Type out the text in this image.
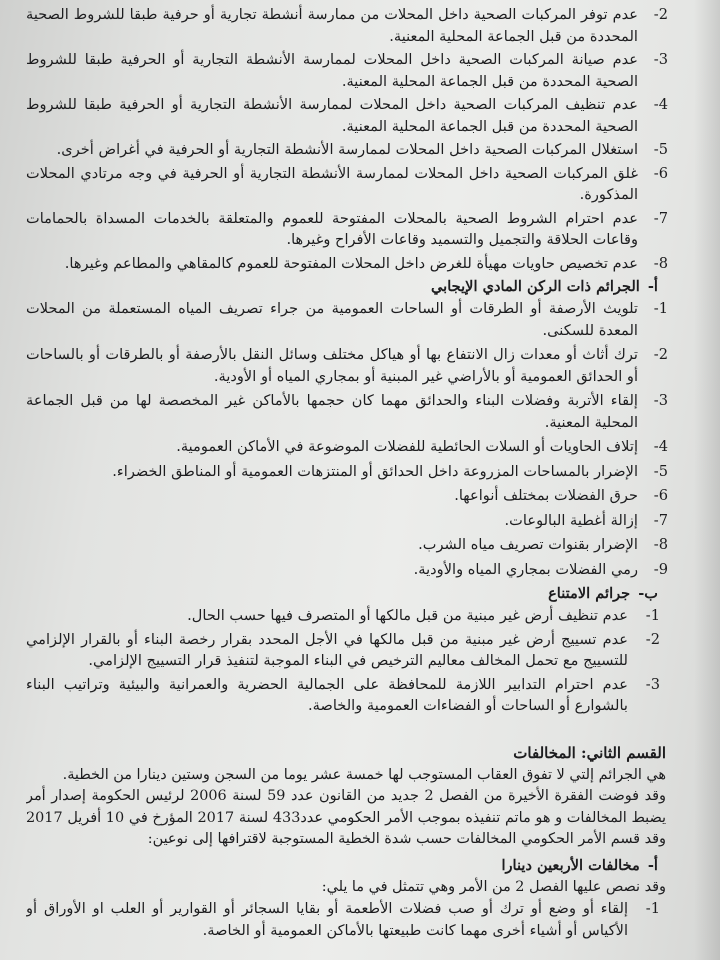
2-
عدم توفر المركبات الصحية داخل المحلات من ممارسة أنشطة تجارية أو حرفية طبقا للشروط الصحية المحددة من قبل الجماعة المحلية المعنية.
3-
عدم صيانة المركبات الصحية داخل المحلات لممارسة الأنشطة التجارية أو الحرفية طبقا للشروط الصحية المحددة من قبل الجماعة المحلية المعنية.
4-
عدم تنظيف المركبات الصحية داخل المحلات لممارسة الأنشطة التجارية أو الحرفية طبقا للشروط الصحية المحددة من قبل الجماعة المحلية المعنية.
5-
استغلال المركبات الصحية داخل المحلات لممارسة الأنشطة التجارية أو الحرفية في أغراض أخرى.
6-
غلق المركبات الصحية داخل المحلات لممارسة الأنشطة التجارية أو الحرفية في وجه مرتادي المحلات المذكورة.
7-
عدم احترام الشروط الصحية بالمحلات المفتوحة للعموم والمتعلقة بالخدمات المسداة بالحمامات وقاعات الحلاقة والتجميل والتسميد وقاعات الأفراح وغيرها.
8-
عدم تخصيص حاويات مهيأة للغرض داخل المحلات المفتوحة للعموم كالمقاهي والمطاعم وغيرها.
أ-الجرائم ذات الركن المادي الإيجابي
1-
تلويث الأرصفة أو الطرقات أو الساحات العمومية من جراء تصريف المياه المستعملة من المحلات المعدة للسكنى.
2-
ترك أثاث أو معدات زال الانتفاع بها أو هياكل مختلف وسائل النقل بالأرصفة أو بالطرقات أو بالساحات أو الحدائق العمومية أو بالأراضي غير المبنية أو بمجاري المياه أو الأودية.
3-
إلقاء الأتربة وفضلات البناء والحدائق مهما كان حجمها بالأماكن غير المخصصة لها من قبل الجماعة المحلية المعنية.
4-
إتلاف الحاويات أو السلات الحائطية للفضلات الموضوعة في الأماكن العمومية.
5-
الإضرار بالمساحات المزروعة داخل الحدائق أو المنتزهات العمومية أو المناطق الخضراء.
6-
حرق الفضلات بمختلف أنواعها.
7-
إزالة أغطية البالوعات.
8-
الإضرار بقنوات تصريف مياه الشرب.
9-
رمي الفضلات بمجاري المياه والأودية.
ب-جرائم الامتناع
1-
عدم تنظيف أرض غير مبنية من قبل مالكها أو المتصرف فيها حسب الحال.
2-
عدم تسييج أرض غير مبنية من قبل مالكها في الأجل المحدد بقرار رخصة البناء أو بالقرار الإلزامي للتسييج مع تحمل المخالف معاليم الترخيص في البناء الموجبة لتنفيذ قرار التسييج الإلزامي.
3-
عدم احترام التدابير اللازمة للمحافظة على الجمالية الحضرية والعمرانية والبيئية وتراتيب البناء بالشوارع أو الساحات أو الفضاءات العمومية والخاصة.
القسم الثاني: المخالفات
هي الجرائم إلتي لا تفوق العقاب المستوجب لها خمسة عشر يوما من السجن وستين دينارا من الخطية.
وقد فوضت الفقرة الأخيرة من الفصل 2 جديد من القانون عدد 59 لسنة 2006 لرئيس الحكومة إصدار أمر يضبط المخالفات و هو ماتم تنفيذه بموجب الأمر الحكومي عدد433 لسنة 2017 المؤرخ في 10 أفريل 2017 وقد قسم الأمر الحكومي المخالفات حسب شدة الخطية المستوجبة لاقترافها إلى نوعين:
أ-مخالفات الأربعين دينارا
وقد نصص عليها الفصل 2 من الأمر وهي تتمثل في ما يلي:
1-
إلقاء أو وضع أو ترك أو صب فضلات الأطعمة أو بقايا السجائر أو القوارير أو العلب او الأوراق أو الأكياس أو أشياء أخرى مهما كانت طبيعتها بالأماكن العمومية أو الخاصة.
